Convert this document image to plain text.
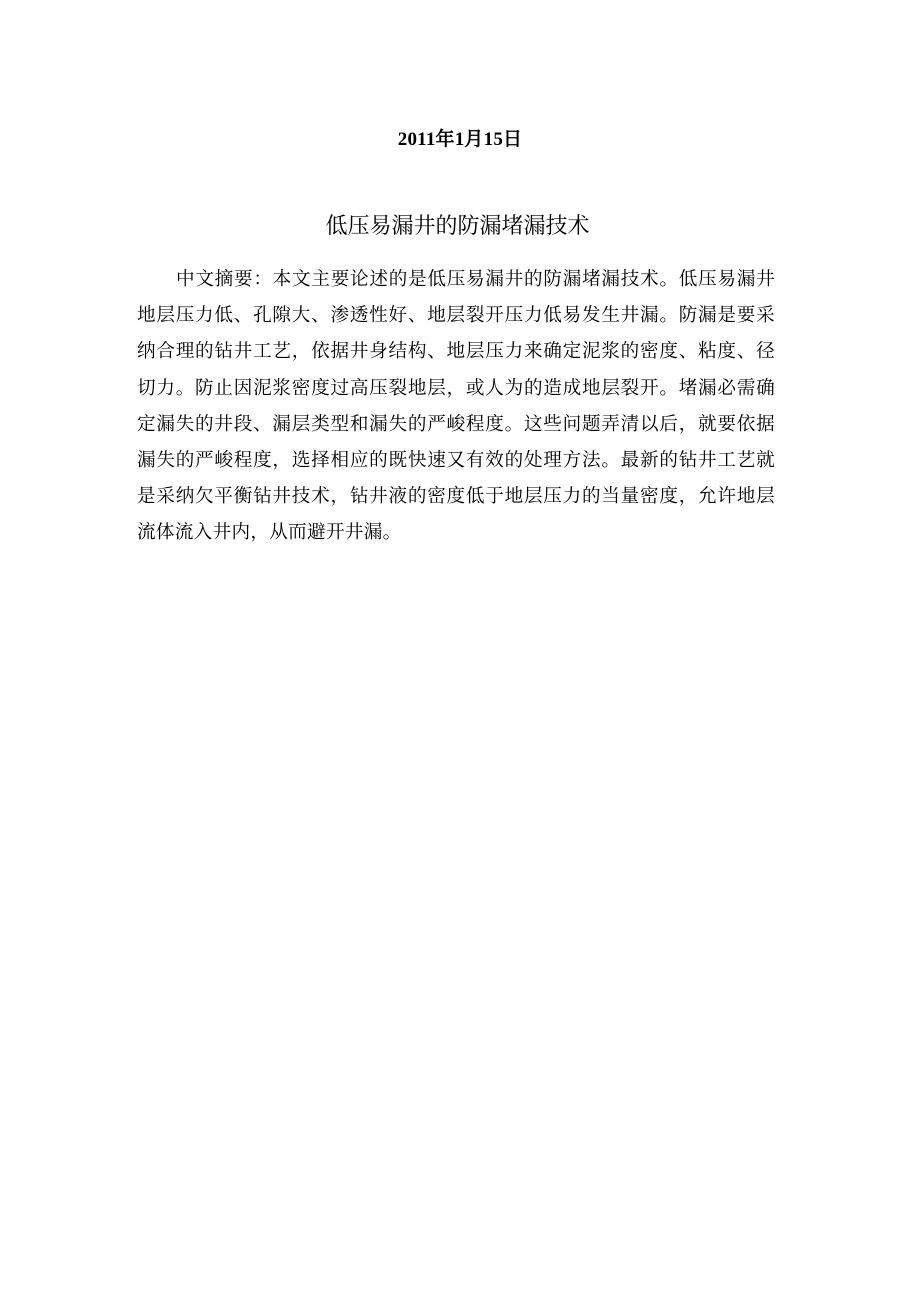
2011年1月15日
低压易漏井的防漏堵漏技术

中文摘要：本文主要论述的是低压易漏井的防漏堵漏技术。低压易漏井地层压力低、孔隙大、渗透性好、地层裂开压力低易发生井漏。防漏是要采纳合理的钻井工艺，依据井身结构、地层压力来确定泥浆的密度、粘度、径切力。防止因泥浆密度过高压裂地层，或人为的造成地层裂开。堵漏必需确定漏失的井段、漏层类型和漏失的严峻程度。这些问题弄清以后，就要依据漏失的严峻程度，选择相应的既快速又有效的处理方法。最新的钻井工艺就是采纳欠平衡钻井技术，钻井液的密度低于地层压力的当量密度，允许地层流体流入井内，从而避开井漏。
